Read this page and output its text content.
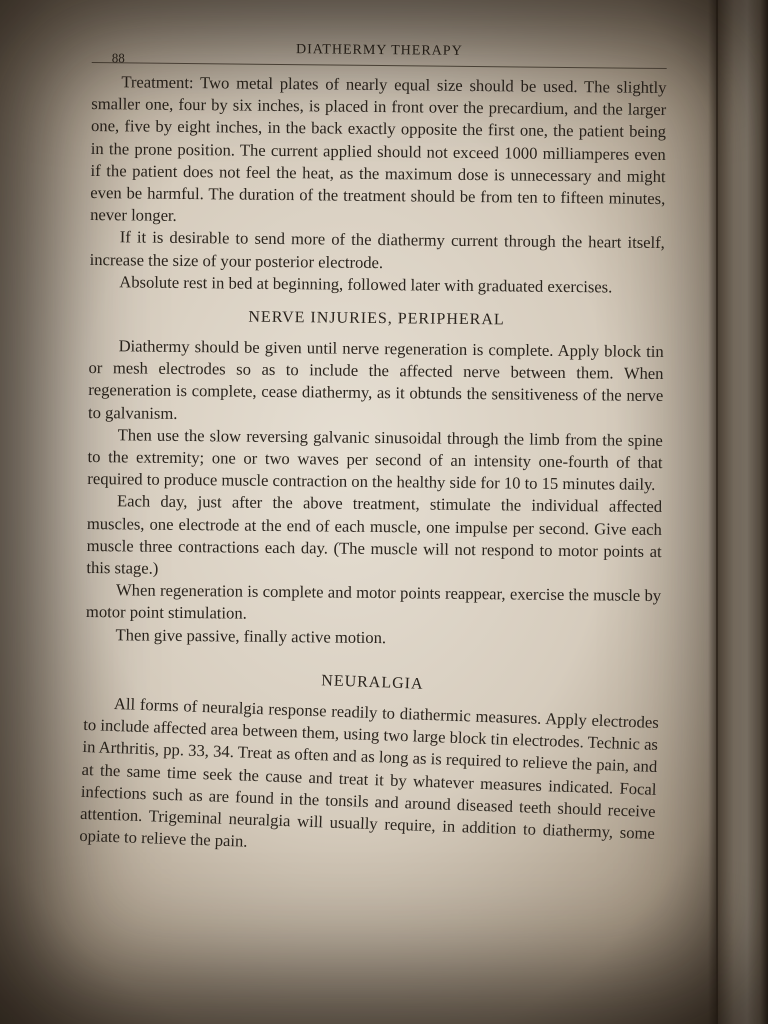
88	DIATHERMY THERAPY

Treatment: Two metal plates of nearly equal size should be used. The slightly smaller one, four by six inches, is placed in front over the precardium, and the larger one, five by eight inches, in the back exactly opposite the first one, the patient being in the prone position. The current applied should not exceed 1000 milliamperes even if the patient does not feel the heat, as the maximum dose is unnecessary and might even be harmful. The duration of the treatment should be from ten to fifteen minutes, never longer.

If it is desirable to send more of the diathermy current through the heart itself, increase the size of your posterior electrode.

Absolute rest in bed at beginning, followed later with graduated exercises.

NERVE INJURIES, PERIPHERAL

Diathermy should be given until nerve regeneration is complete. Apply block tin or mesh electrodes so as to include the affected nerve between them. When regeneration is complete, cease diathermy, as it obtunds the sensitiveness of the nerve to galvanism.

Then use the slow reversing galvanic sinusoidal through the limb from the spine to the extremity; one or two waves per second of an intensity one-fourth of that required to produce muscle contraction on the healthy side for 10 to 15 minutes daily.

Each day, just after the above treatment, stimulate the individual affected muscles, one electrode at the end of each muscle, one impulse per second. Give each muscle three contractions each day. (The muscle will not respond to motor points at this stage.)

When regeneration is complete and motor points reappear, exercise the muscle by motor point stimulation.

Then give passive, finally active motion.

NEURALGIA

All forms of neuralgia response readily to diathermic measures. Apply electrodes to include affected area between them, using two large block tin electrodes. Technic as in Arthritis, pp. 33, 34. Treat as often and as long as is required to relieve the pain, and at the same time seek the cause and treat it by whatever measures indicated. Focal infections such as are found in the tonsils and around diseased teeth should receive attention. Trigeminal neuralgia will usually require, in addition to diathermy, some opiate to relieve the pain.
